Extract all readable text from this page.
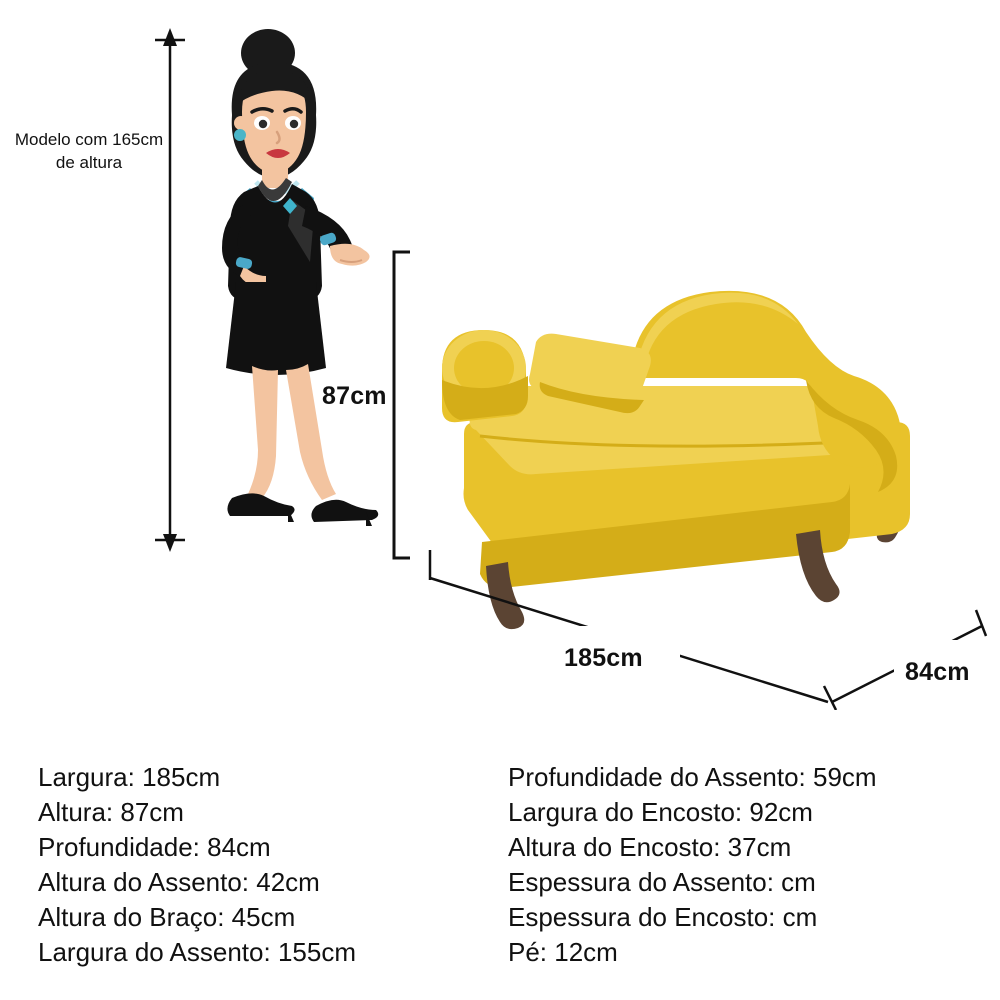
Modelo com 165cm de altura
87cm
185cm	84cm
Largura: 185cm
Altura: 87cm
Profundidade: 84cm
Altura do Assento: 42cm
Altura do Braço: 45cm
Largura do Assento: 155cm
Profundidade do Assento: 59cm
Largura do Encosto: 92cm
Altura do Encosto: 37cm
Espessura do Assento: cm
Espessura do Encosto: cm
Pé: 12cm
